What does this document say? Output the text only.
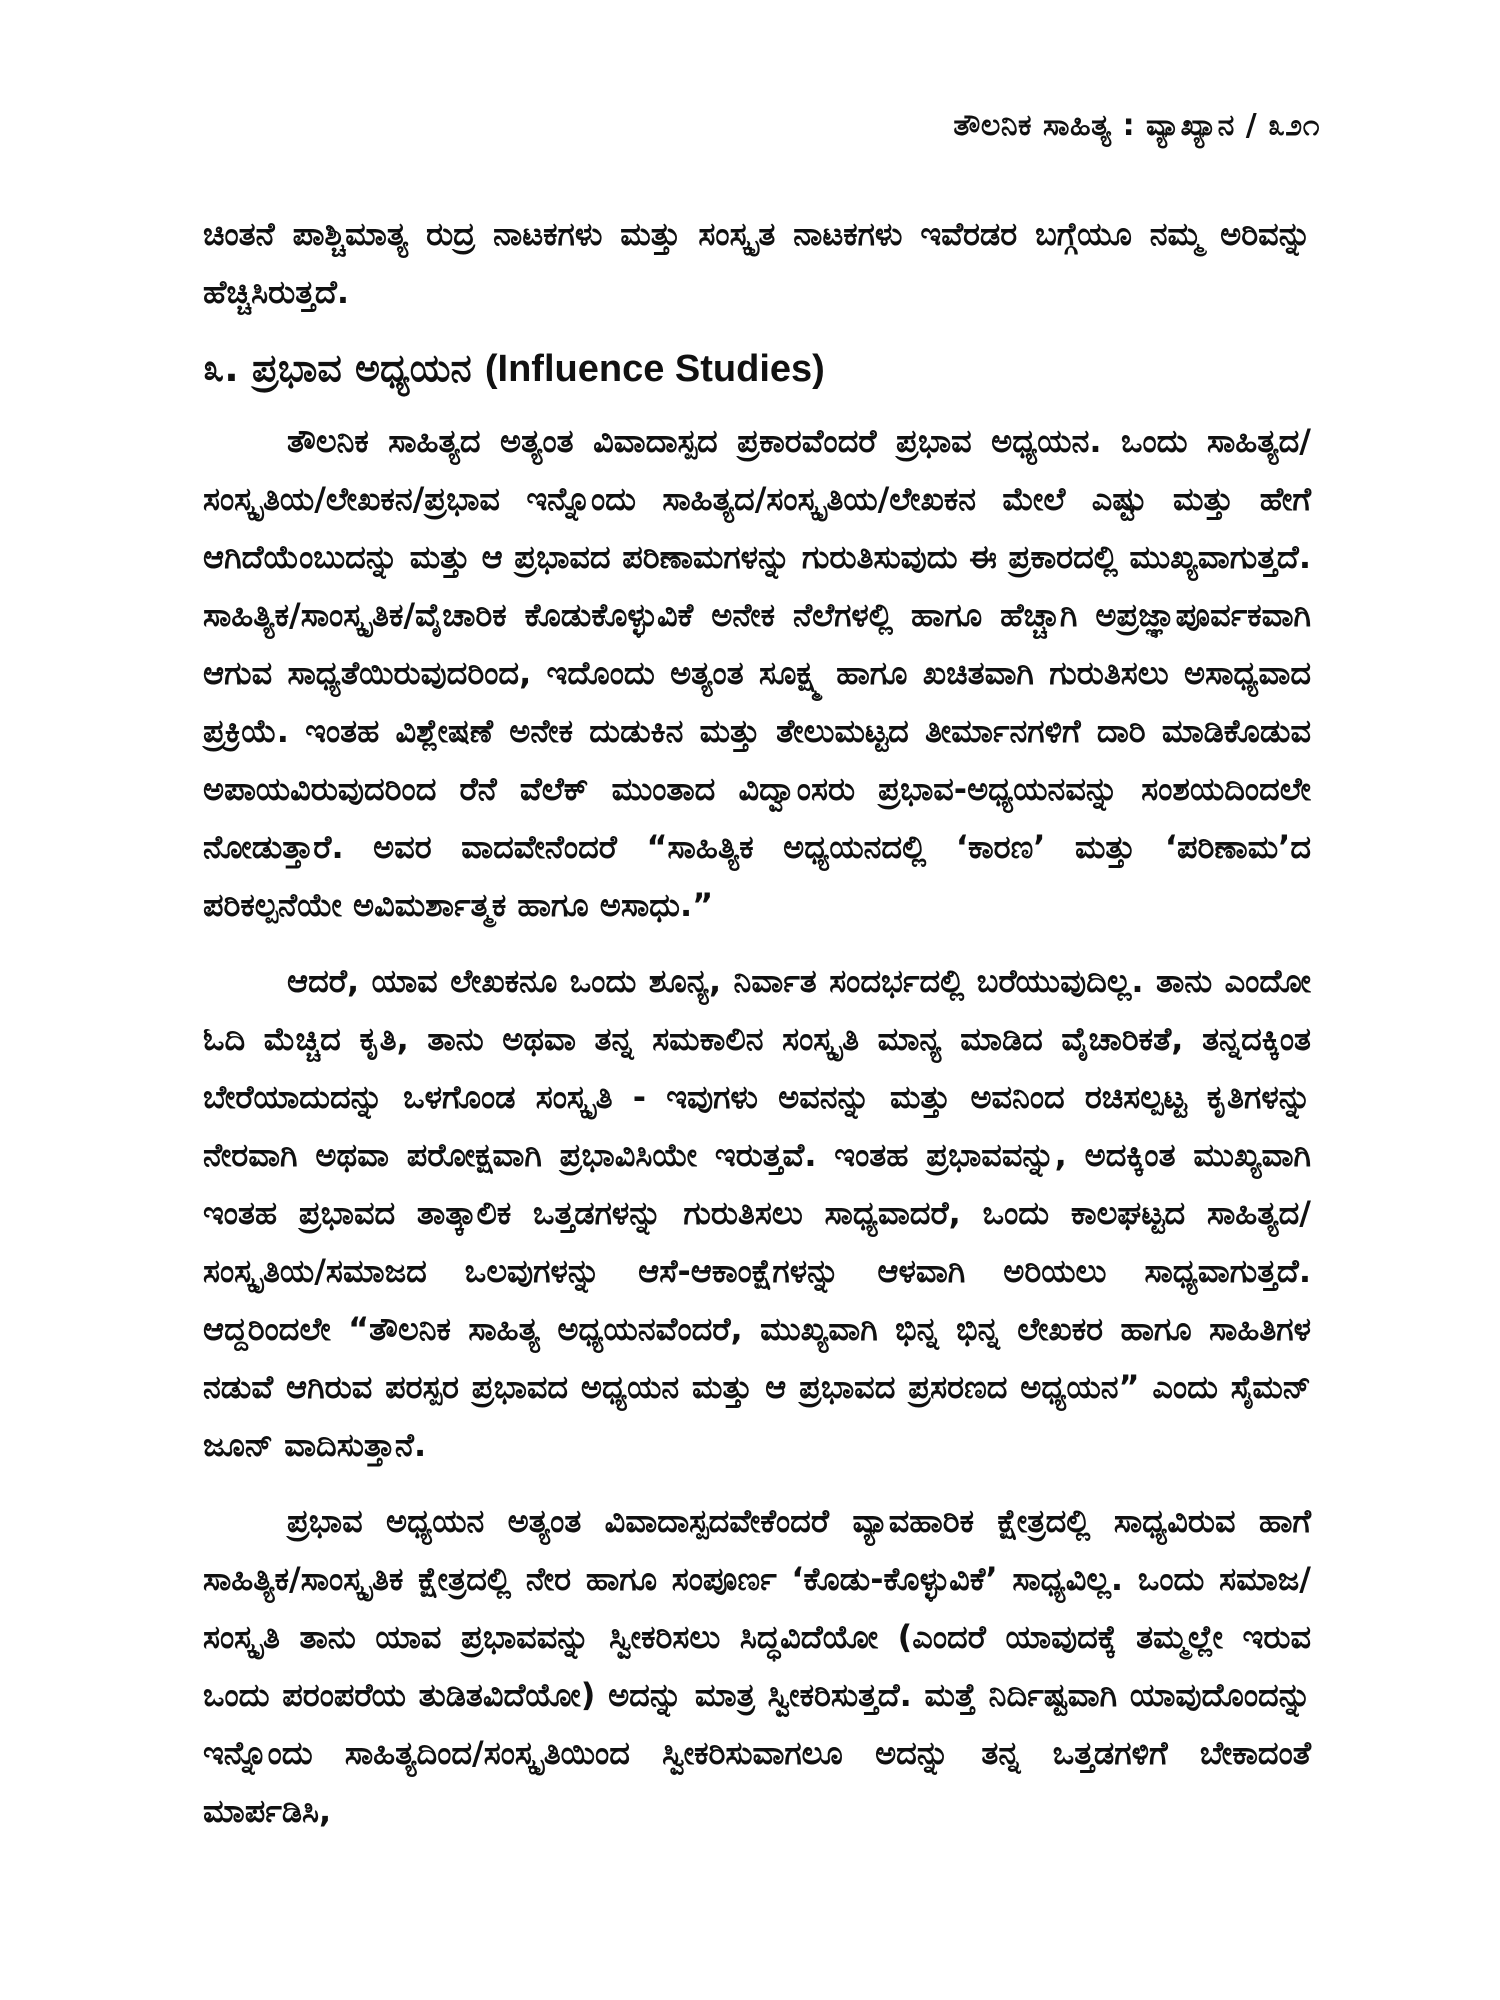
ತೌಲನಿಕ ಸಾಹಿತ್ಯ : ವ್ಯಾಖ್ಯಾನ / ೩೨೧

ಚಿಂತನೆ ಪಾಶ್ಚಿಮಾತ್ಯ ರುದ್ರ ನಾಟಕಗಳು ಮತ್ತು ಸಂಸ್ಕೃತ ನಾಟಕಗಳು ಇವೆರಡರ ಬಗ್ಗೆಯೂ ನಮ್ಮ ಅರಿವನ್ನು ಹೆಚ್ಚಿಸಿರುತ್ತದೆ.

೩. ಪ್ರಭಾವ ಅಧ್ಯಯನ (Influence Studies)

ತೌಲನಿಕ ಸಾಹಿತ್ಯದ ಅತ್ಯಂತ ವಿವಾದಾಸ್ಪದ ಪ್ರಕಾರವೆಂದರೆ ಪ್ರಭಾವ ಅಧ್ಯಯನ. ಒಂದು ಸಾಹಿತ್ಯದ/ಸಂಸ್ಕೃತಿಯ/ಲೇಖಕನ/ಪ್ರಭಾವ ಇನ್ನೊಂದು ಸಾಹಿತ್ಯದ/ಸಂಸ್ಕೃತಿಯ/ಲೇಖಕನ ಮೇಲೆ ಎಷ್ಟು ಮತ್ತು ಹೇಗೆ ಆಗಿದೆಯೆಂಬುದನ್ನು ಮತ್ತು ಆ ಪ್ರಭಾವದ ಪರಿಣಾಮಗಳನ್ನು ಗುರುತಿಸುವುದು ಈ ಪ್ರಕಾರದಲ್ಲಿ ಮುಖ್ಯವಾಗುತ್ತದೆ. ಸಾಹಿತ್ಯಿಕ/ಸಾಂಸ್ಕೃತಿಕ/ವೈಚಾರಿಕ ಕೊಡುಕೊಳ್ಳುವಿಕೆ ಅನೇಕ ನೆಲೆಗಳಲ್ಲಿ ಹಾಗೂ ಹೆಚ್ಚಾಗಿ ಅಪ್ರಜ್ಞಾಪೂರ್ವಕವಾಗಿ ಆಗುವ ಸಾಧ್ಯತೆಯಿರುವುದರಿಂದ, ಇದೊಂದು ಅತ್ಯಂತ ಸೂಕ್ಷ್ಮ ಹಾಗೂ ಖಚಿತವಾಗಿ ಗುರುತಿಸಲು ಅಸಾಧ್ಯವಾದ ಪ್ರಕ್ರಿಯೆ. ಇಂತಹ ವಿಶ್ಲೇಷಣೆ ಅನೇಕ ದುಡುಕಿನ ಮತ್ತು ತೇಲುಮಟ್ಟದ ತೀರ್ಮಾನಗಳಿಗೆ ದಾರಿ ಮಾಡಿಕೊಡುವ ಅಪಾಯವಿರುವುದರಿಂದ ರೆನೆ ವೆಲೆಕ್ ಮುಂತಾದ ವಿದ್ವಾಂಸರು ಪ್ರಭಾವ-ಅಧ್ಯಯನವನ್ನು ಸಂಶಯದಿಂದಲೇ ನೋಡುತ್ತಾರೆ. ಅವರ ವಾದವೇನೆಂದರೆ “ಸಾಹಿತ್ಯಿಕ ಅಧ್ಯಯನದಲ್ಲಿ ‘ಕಾರಣ’ ಮತ್ತು ‘ಪರಿಣಾಮ’ದ ಪರಿಕಲ್ಪನೆಯೇ ಅವಿಮರ್ಶಾತ್ಮಕ ಹಾಗೂ ಅಸಾಧು.”

ಆದರೆ, ಯಾವ ಲೇಖಕನೂ ಒಂದು ಶೂನ್ಯ, ನಿರ್ವಾತ ಸಂದರ್ಭದಲ್ಲಿ ಬರೆಯುವುದಿಲ್ಲ. ತಾನು ಎಂದೋ ಓದಿ ಮೆಚ್ಚಿದ ಕೃತಿ, ತಾನು ಅಥವಾ ತನ್ನ ಸಮಕಾಲಿನ ಸಂಸ್ಕೃತಿ ಮಾನ್ಯ ಮಾಡಿದ ವೈಚಾರಿಕತೆ, ತನ್ನದಕ್ಕಿಂತ ಬೇರೆಯಾದುದನ್ನು ಒಳಗೊಂಡ ಸಂಸ್ಕೃತಿ - ಇವುಗಳು ಅವನನ್ನು ಮತ್ತು ಅವನಿಂದ ರಚಿಸಲ್ಪಟ್ಟ ಕೃತಿಗಳನ್ನು ನೇರವಾಗಿ ಅಥವಾ ಪರೋಕ್ಷವಾಗಿ ಪ್ರಭಾವಿಸಿಯೇ ಇರುತ್ತವೆ. ಇಂತಹ ಪ್ರಭಾವವನ್ನು, ಅದಕ್ಕಿಂತ ಮುಖ್ಯವಾಗಿ ಇಂತಹ ಪ್ರಭಾವದ ತಾತ್ಕಾಲಿಕ ಒತ್ತಡಗಳನ್ನು ಗುರುತಿಸಲು ಸಾಧ್ಯವಾದರೆ, ಒಂದು ಕಾಲಘಟ್ಟದ ಸಾಹಿತ್ಯದ/ಸಂಸ್ಕೃತಿಯ/ಸಮಾಜದ ಒಲವುಗಳನ್ನು ಆಸೆ-ಆಕಾಂಕ್ಷೆಗಳನ್ನು ಆಳವಾಗಿ ಅರಿಯಲು ಸಾಧ್ಯವಾಗುತ್ತದೆ. ಆದ್ದರಿಂದಲೇ “ತೌಲನಿಕ ಸಾಹಿತ್ಯ ಅಧ್ಯಯನವೆಂದರೆ, ಮುಖ್ಯವಾಗಿ ಭಿನ್ನ ಭಿನ್ನ ಲೇಖಕರ ಹಾಗೂ ಸಾಹಿತಿಗಳ ನಡುವೆ ಆಗಿರುವ ಪರಸ್ಪರ ಪ್ರಭಾವದ ಅಧ್ಯಯನ ಮತ್ತು ಆ ಪ್ರಭಾವದ ಪ್ರಸರಣದ ಅಧ್ಯಯನ” ಎಂದು ಸೈಮನ್ ಜೂನ್ ವಾದಿಸುತ್ತಾನೆ.

ಪ್ರಭಾವ ಅಧ್ಯಯನ ಅತ್ಯಂತ ವಿವಾದಾಸ್ಪದವೇಕೆಂದರೆ ವ್ಯಾವಹಾರಿಕ ಕ್ಷೇತ್ರದಲ್ಲಿ ಸಾಧ್ಯವಿರುವ ಹಾಗೆ ಸಾಹಿತ್ಯಿಕ/ಸಾಂಸ್ಕೃತಿಕ ಕ್ಷೇತ್ರದಲ್ಲಿ ನೇರ ಹಾಗೂ ಸಂಪೂರ್ಣ ‘ಕೊಡು-ಕೊಳ್ಳುವಿಕೆ’ ಸಾಧ್ಯವಿಲ್ಲ. ಒಂದು ಸಮಾಜ/ಸಂಸ್ಕೃತಿ ತಾನು ಯಾವ ಪ್ರಭಾವವನ್ನು ಸ್ವೀಕರಿಸಲು ಸಿದ್ಧವಿದೆಯೋ (ಎಂದರೆ ಯಾವುದಕ್ಕೆ ತಮ್ಮಲ್ಲೇ ಇರುವ ಒಂದು ಪರಂಪರೆಯ ತುಡಿತವಿದೆಯೋ) ಅದನ್ನು ಮಾತ್ರ ಸ್ವೀಕರಿಸುತ್ತದೆ. ಮತ್ತೆ ನಿರ್ದಿಷ್ಟವಾಗಿ ಯಾವುದೊಂದನ್ನು ಇನ್ನೊಂದು ಸಾಹಿತ್ಯದಿಂದ/ಸಂಸ್ಕೃತಿಯಿಂದ ಸ್ವೀಕರಿಸುವಾಗಲೂ ಅದನ್ನು ತನ್ನ ಒತ್ತಡಗಳಿಗೆ ಬೇಕಾದಂತೆ ಮಾರ್ಪಡಿಸಿ,
